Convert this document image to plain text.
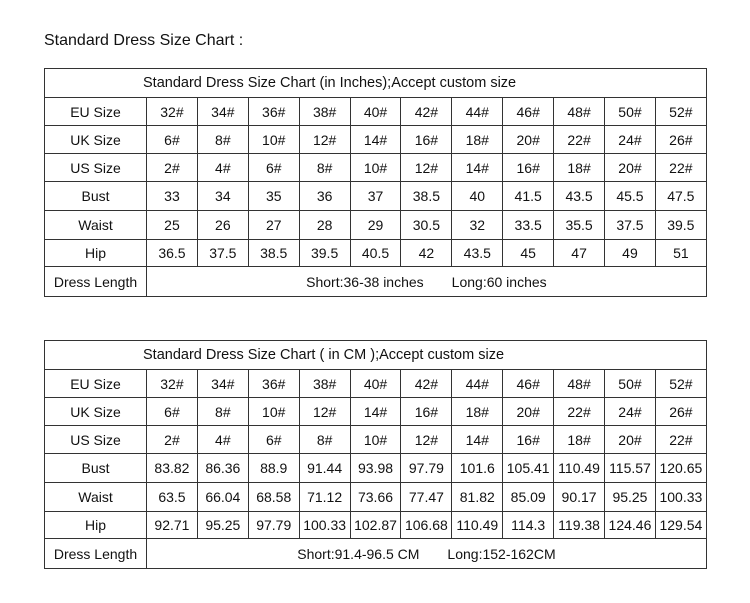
Standard Dress Size Chart :
Standard Dress Size Chart (in Inches);Accept custom size											
EU Size	32#	34#	36#	38#	40#	42#	44#	46#	48#	50#	52#
UK Size	6#	8#	10#	12#	14#	16#	18#	20#	22#	24#	26#
US Size	2#	4#	6#	8#	10#	12#	14#	16#	18#	20#	22#
Bust	33	34	35	36	37	38.5	40	41.5	43.5	45.5	47.5
Waist	25	26	27	28	29	30.5	32	33.5	35.5	37.5	39.5
Hip	36.5	37.5	38.5	39.5	40.5	42	43.5	45	47	49	51
Dress Length	Short:36-38 inches Long:60 inches										
Standard Dress Size Chart ( in CM );Accept custom size											
EU Size	32#	34#	36#	38#	40#	42#	44#	46#	48#	50#	52#
UK Size	6#	8#	10#	12#	14#	16#	18#	20#	22#	24#	26#
US Size	2#	4#	6#	8#	10#	12#	14#	16#	18#	20#	22#
Bust	83.82	86.36	88.9	91.44	93.98	97.79	101.6	105.41	110.49	115.57	120.65
Waist	63.5	66.04	68.58	71.12	73.66	77.47	81.82	85.09	90.17	95.25	100.33
Hip	92.71	95.25	97.79	100.33	102.87	106.68	110.49	114.3	119.38	124.46	129.54
Dress Length	Short:91.4-96.5 CM Long:152-162CM										
